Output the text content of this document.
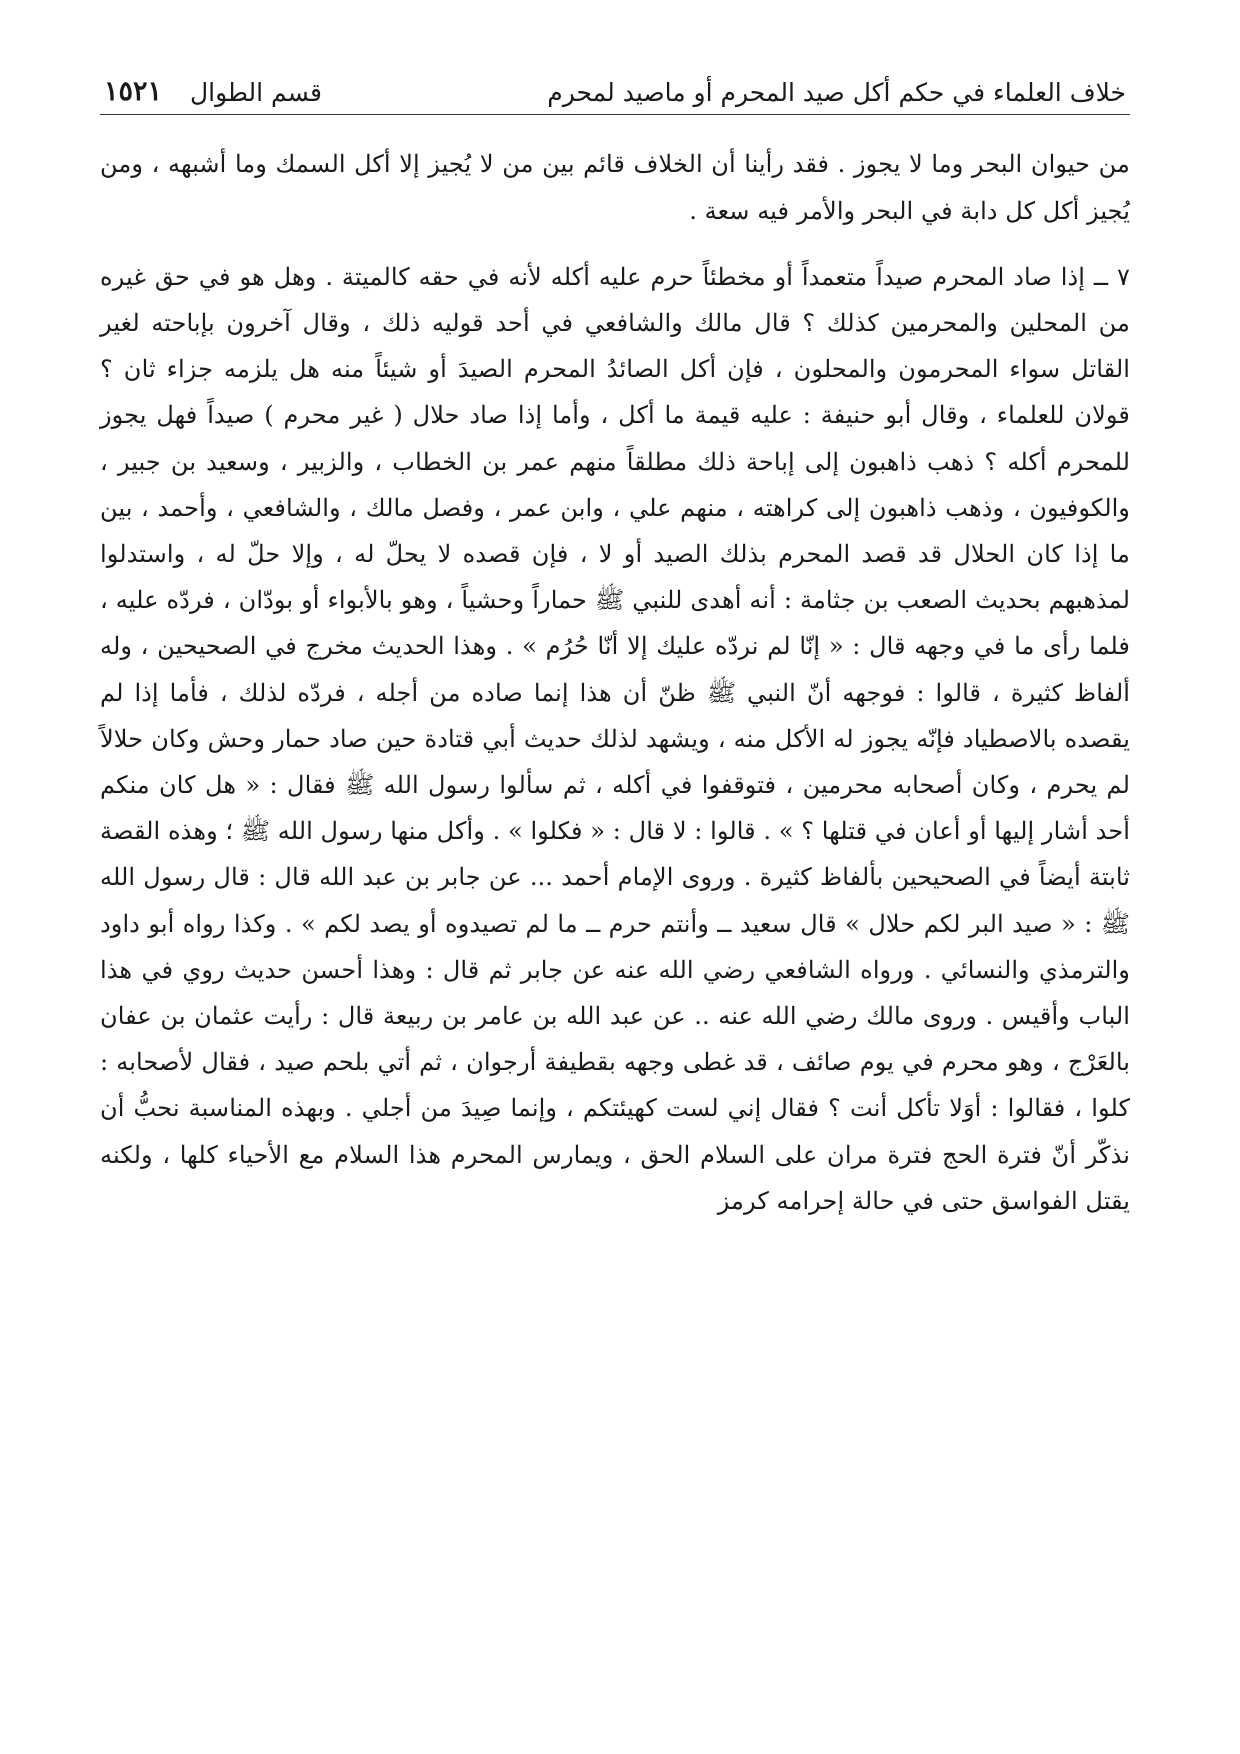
خلاف العلماء في حكم أكل صيد المحرم أو ماصيد لمحرم
قسم الطوال
١٥٢١

من حيوان البحر وما لا يجوز . فقد رأينا أن الخلاف قائم بين من لا يُجيز إلا أكل السمك وما أشبهه ، ومن يُجيز أكل كل دابة في البحر والأمر فيه سعة .

٧ ــ إذا صاد المحرم صيداً متعمداً أو مخطئاً حرم عليه أكله لأنه في حقه كالميتة . وهل هو في حق غيره من المحلين والمحرمين كذلك ؟ قال مالك والشافعي في أحد قوليه ذلك ، وقال آخرون بإباحته لغير القاتل سواء المحرمون والمحلون ، فإن أكل الصائدُ المحرم الصيدَ أو شيئاً منه هل يلزمه جزاء ثان ؟ قولان للعلماء ، وقال أبو حنيفة : عليه قيمة ما أكل ، وأما إذا صاد حلال ( غير محرم ) صيداً فهل يجوز للمحرم أكله ؟ ذهب ذاهبون إلى إباحة ذلك مطلقاً منهم عمر بن الخطاب ، والزبير ، وسعيد بن جبير ، والكوفيون ، وذهب ذاهبون إلى كراهته ، منهم علي ، وابن عمر ، وفصل مالك ، والشافعي ، وأحمد ، بين ما إذا كان الحلال قد قصد المحرم بذلك الصيد أو لا ، فإن قصده لا يحلّ له ، وإلا حلّ له ، واستدلوا لمذهبهم بحديث الصعب بن جثامة : أنه أهدى للنبي ﷺ حماراً وحشياً ، وهو بالأبواء أو بودّان ، فردّه عليه ، فلما رأى ما في وجهه قال : « إنّا لم نردّه عليك إلا أنّا حُرُم » . وهذا الحديث مخرج في الصحيحين ، وله ألفاظ كثيرة ، قالوا : فوجهه أنّ النبي ﷺ ظنّ أن هذا إنما صاده من أجله ، فردّه لذلك ، فأما إذا لم يقصده بالاصطياد فإنّه يجوز له الأكل منه ، ويشهد لذلك حديث أبي قتادة حين صاد حمار وحش وكان حلالاً لم يحرم ، وكان أصحابه محرمين ، فتوقفوا في أكله ، ثم سألوا رسول الله ﷺ فقال : « هل كان منكم أحد أشار إليها أو أعان في قتلها ؟ » . قالوا : لا قال : « فكلوا » . وأكل منها رسول الله ﷺ ؛ وهذه القصة ثابتة أيضاً في الصحيحين بألفاظ كثيرة . وروى الإمام أحمد ... عن جابر بن عبد الله قال : قال رسول الله ﷺ : « صيد البر لكم حلال » قال سعيد ــ وأنتم حرم ــ ما لم تصيدوه أو يصد لكم » . وكذا رواه أبو داود والترمذي والنسائي . ورواه الشافعي رضي الله عنه عن جابر ثم قال : وهذا أحسن حديث روي في هذا الباب وأقيس . وروى مالك رضي الله عنه .. عن عبد الله بن عامر بن ربيعة قال : رأيت عثمان بن عفان بالعَرْج ، وهو محرم في يوم صائف ، قد غطى وجهه بقطيفة أرجوان ، ثم أتي بلحم صيد ، فقال لأصحابه : كلوا ، فقالوا : أوَلا تأكل أنت ؟ فقال إني لست كهيئتكم ، وإنما صِيدَ من أجلي . وبهذه المناسبة نحبُّ أن نذكّر أنّ فترة الحج فترة مران على السلام الحق ، ويمارس المحرم هذا السلام مع الأحياء كلها ، ولكنه يقتل الفواسق حتى في حالة إحرامه كرمز
